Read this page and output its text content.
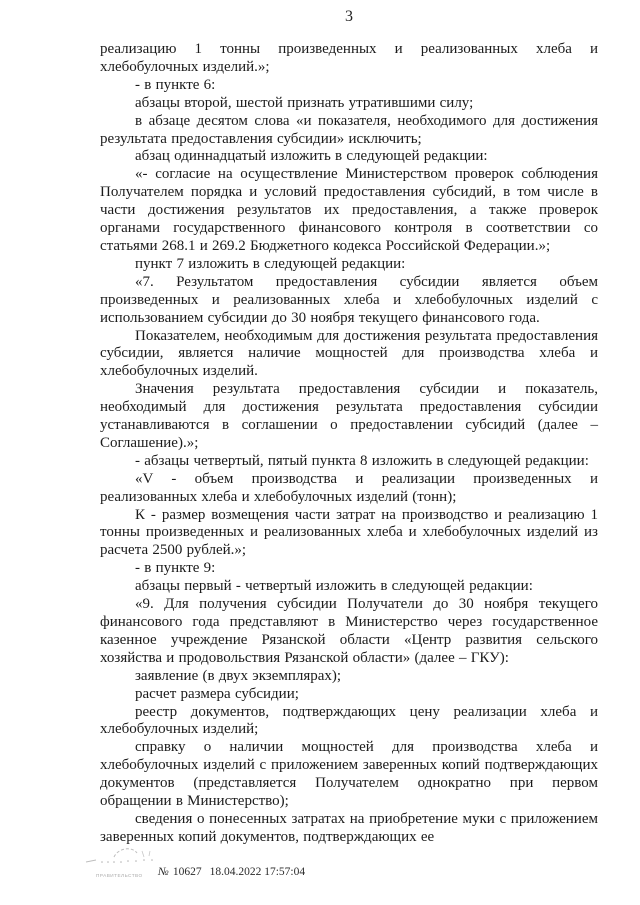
3

реализацию 1 тонны произведенных и реализованных хлеба и хлебобулочных изделий.»;

- в пункте 6:

абзацы второй, шестой признать утратившими силу;

в абзаце десятом слова «и показателя, необходимого для достижения результата предоставления субсидии» исключить;

абзац одиннадцатый изложить в следующей редакции:

«- согласие на осуществление Министерством проверок соблюдения Получателем порядка и условий предоставления субсидий, в том числе в части достижения результатов их предоставления, а также проверок органами государственного финансового контроля в соответствии со статьями 268.1 и 269.2 Бюджетного кодекса Российской Федерации.»;

пункт 7 изложить в следующей редакции:

«7. Результатом предоставления субсидии является объем произведенных и реализованных хлеба и хлебобулочных изделий с использованием субсидии до 30 ноября текущего финансового года.

Показателем, необходимым для достижения результата предоставления субсидии, является наличие мощностей для производства хлеба и хлебобулочных изделий.

Значения результата предоставления субсидии и показатель, необходимый для достижения результата предоставления субсидии устанавливаются в соглашении о предоставлении субсидий (далее – Соглашение).»;

- абзацы четвертый, пятый пункта 8 изложить в следующей редакции:

«V - объем производства и реализации произведенных и реализованных хлеба и хлебобулочных изделий (тонн);

К - размер возмещения части затрат на производство и реализацию 1 тонны произведенных и реализованных хлеба и хлебобулочных изделий из расчета 2500 рублей.»;

- в пункте 9:

абзацы первый - четвертый изложить в следующей редакции:

«9. Для получения субсидии Получатели до 30 ноября текущего финансового года представляют в Министерство через государственное казенное учреждение Рязанской области «Центр развития сельского хозяйства и продовольствия Рязанской области» (далее – ГКУ):

заявление (в двух экземплярах);

расчет размера субсидии;

реестр документов, подтверждающих цену реализации хлеба и хлебобулочных изделий;

справку о наличии мощностей для производства хлеба и хлебобулочных изделий с приложением заверенных копий подтверждающих документов (представляется Получателем однократно при первом обращении в Министерство);

сведения о понесенных затратах на приобретение муки с приложением заверенных копий документов, подтверждающих ее

ПРАВИТЕЛЬСТВО	№ 10627 18.04.2022 17:57:04
